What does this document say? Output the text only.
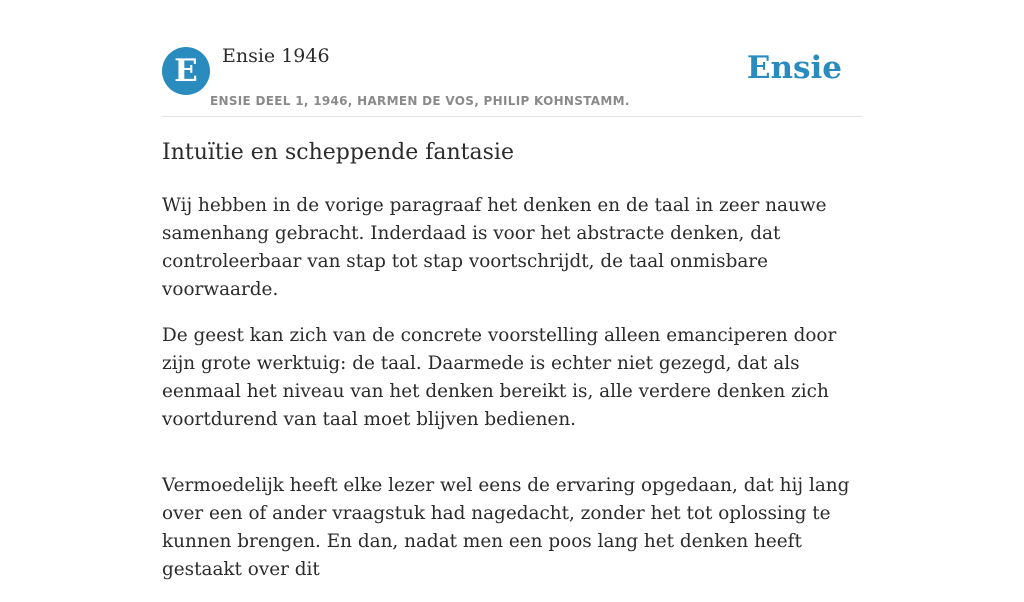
E	Ensie 1946
ENSIE DEEL 1, 1946, HARMEN DE VOS, PHILIP KOHNSTAMM.
Ensie
Intuïtie en scheppende fantasie

Wij hebben in de vorige paragraaf het denken en de taal in zeer nauwe samenhang gebracht. Inderdaad is voor het abstracte denken, dat controleerbaar van stap tot stap voortschrijdt, de taal onmisbare voorwaarde.

De geest kan zich van de concrete voorstelling alleen emanciperen door zijn grote werktuig: de taal. Daarmede is echter niet gezegd, dat als eenmaal het niveau van het denken bereikt is, alle verdere denken zich voortdurend van taal moet blijven bedienen.

Vermoedelijk heeft elke lezer wel eens de ervaring opgedaan, dat hij lang over een of ander vraagstuk had nagedacht, zonder het tot oplossing te kunnen brengen. En dan, nadat men een poos lang het denken heeft gestaakt over dit
